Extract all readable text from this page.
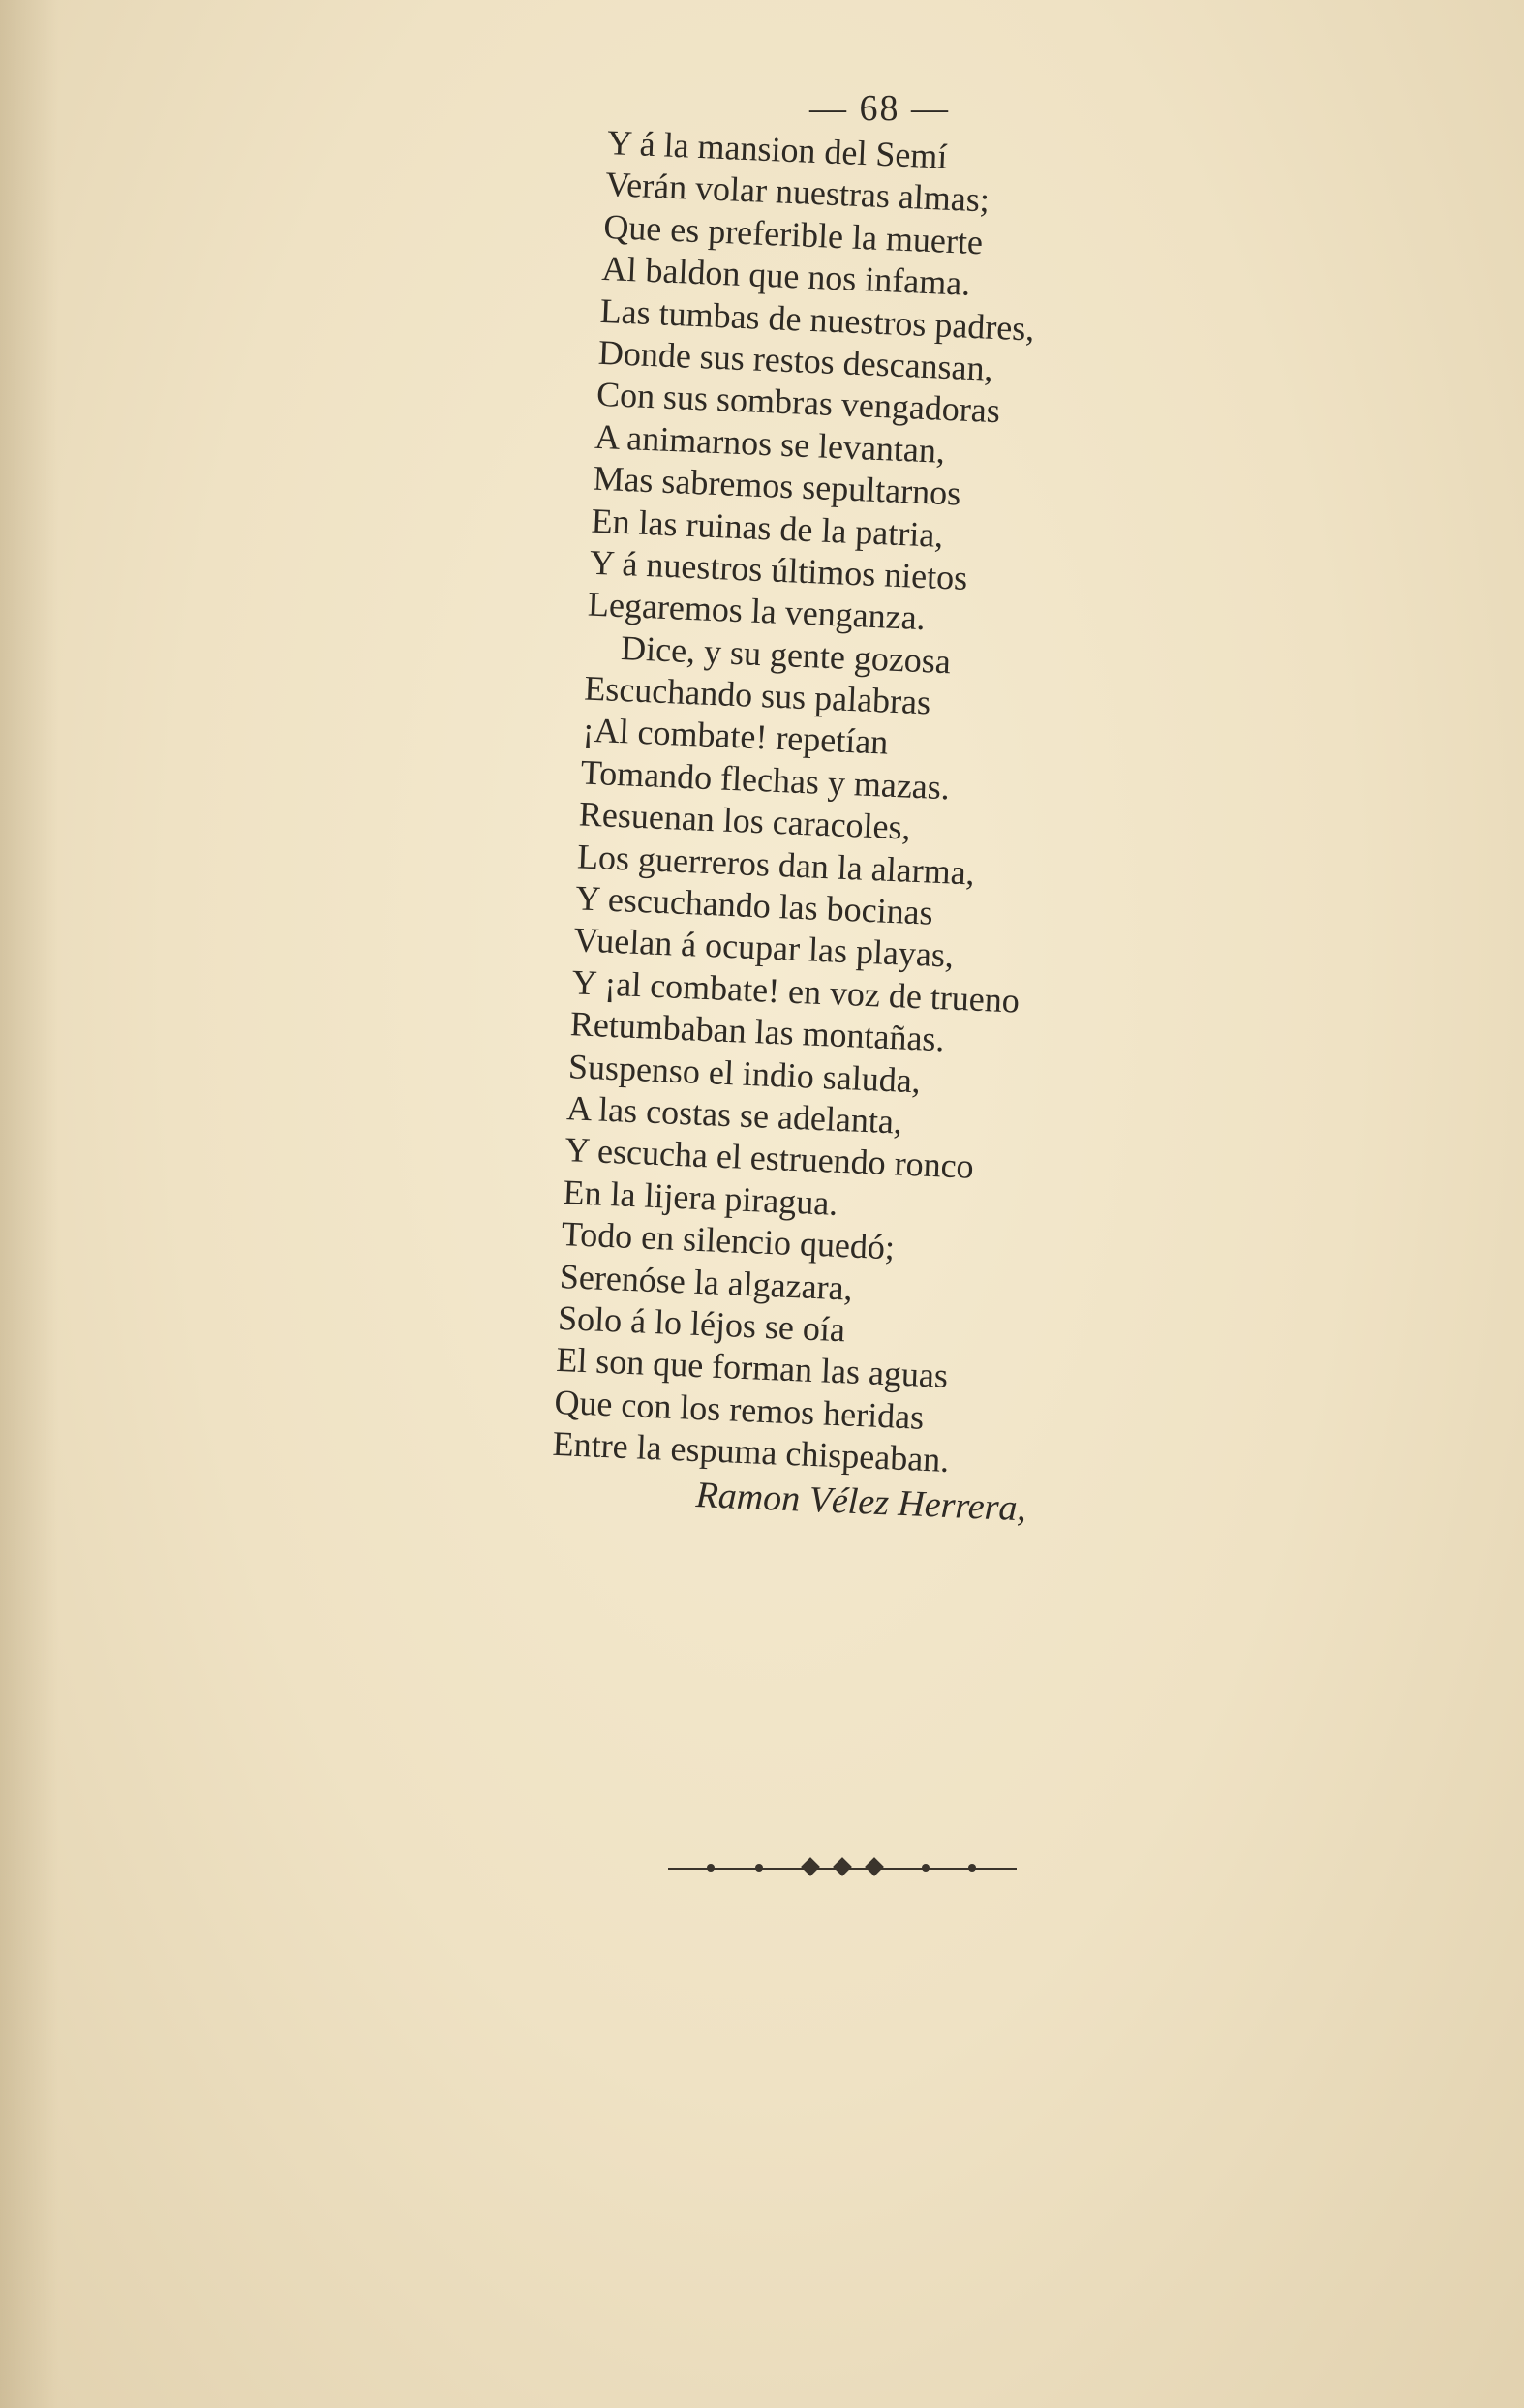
— 68 —
Y á la mansion del Semí
Verán volar nuestras almas;
Que es preferible la muerte
Al baldon que nos infama.
Las tumbas de nuestros padres,
Donde sus restos descansan,
Con sus sombras vengadoras
A animarnos se levantan,
Mas sabremos sepultarnos
En las ruinas de la patria,
Y á nuestros últimos nietos
Legaremos la venganza.
Dice, y su gente gozosa
Escuchando sus palabras
¡Al combate! repetían
Tomando flechas y mazas.
Resuenan los caracoles,
Los guerreros dan la alarma,
Y escuchando las bocinas
Vuelan á ocupar las playas,
Y ¡al combate! en voz de trueno
Retumbaban las montañas.
Suspenso el indio saluda,
A las costas se adelanta,
Y escucha el estruendo ronco
En la lijera piragua.
Todo en silencio quedó;
Serenóse la algazara,
Solo á lo léjos se oía
El son que forman las aguas
Que con los remos heridas
Entre la espuma chispeaban.
Ramon Vélez Herrera,
